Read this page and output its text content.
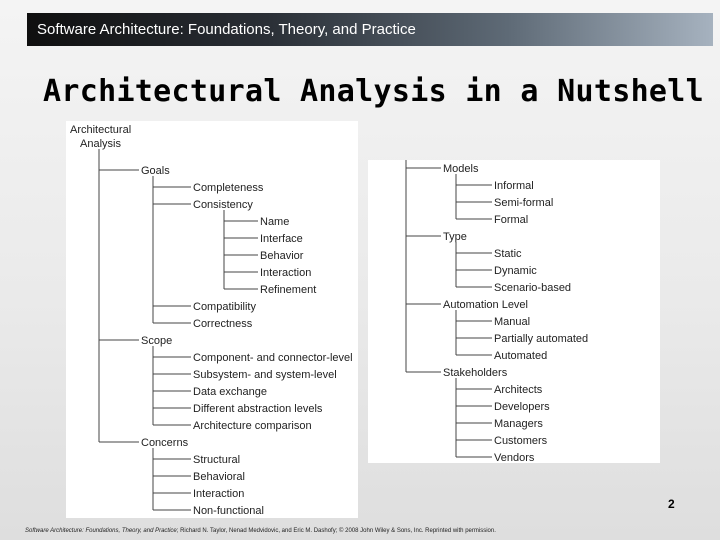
Software Architecture: Foundations, Theory, and Practice
Architectural Analysis in a Nutshell
Architectural
Analysis
Goals
Completeness
Consistency
Name
Interface
Behavior
Interaction
Refinement
Compatibility
Correctness
Scope
Component- and connector-level
Subsystem- and system-level
Data exchange
Different abstraction levels
Architecture comparison
Concerns
Structural
Behavioral
Interaction
Non-functional
Models
Informal
Semi-formal
Formal
Type
Static
Dynamic
Scenario-based
Automation Level
Manual
Partially automated
Automated
Stakeholders
Architects
Developers
Managers
Customers
Vendors
2
Software Architecture: Foundations, Theory, and Practice; Richard N. Taylor, Nenad Medvidovic, and Eric M. Dashofy; © 2008 John Wiley & Sons, Inc. Reprinted with permission.
